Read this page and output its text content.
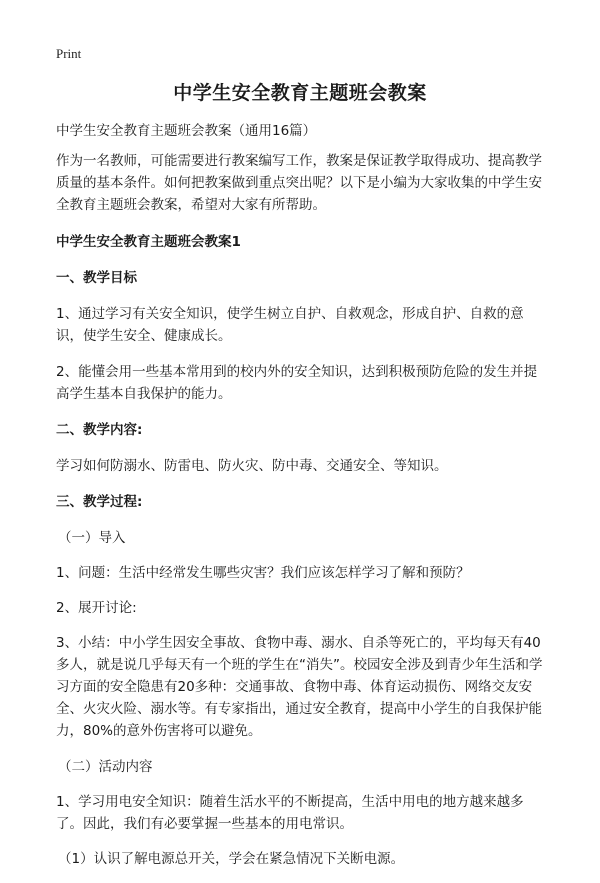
Print
中学生安全教育主题班会教案

中学生安全教育主题班会教案（通用16篇）

作为一名教师，可能需要进行教案编写工作，教案是保证教学取得成功、提高教学质量的基本条件。如何把教案做到重点突出呢？以下是小编为大家收集的中学生安全教育主题班会教案，希望对大家有所帮助。

中学生安全教育主题班会教案1

一、教学目标

1、通过学习有关安全知识，使学生树立自护、自救观念，形成自护、自救的意识，使学生安全、健康成长。

2、能懂会用一些基本常用到的校内外的安全知识，达到积极预防危险的发生并提高学生基本自我保护的能力。

二、教学内容:

学习如何防溺水、防雷电、防火灾、防中毒、交通安全、等知识。

三、教学过程:

（一）导入

1、问题：生活中经常发生哪些灾害？我们应该怎样学习了解和预防？

2、展开讨论:

3、小结：中小学生因安全事故、食物中毒、溺水、自杀等死亡的，平均每天有40多人，就是说几乎每天有一个班的学生在“消失”。校园安全涉及到青少年生活和学习方面的安全隐患有20多种：交通事故、食物中毒、体育运动损伤、网络交友安全、火灾火险、溺水等。有专家指出，通过安全教育，提高中小学生的自我保护能力，80%的意外伤害将可以避免。

（二）活动内容

1、学习用电安全知识：随着生活水平的不断提高，生活中用电的地方越来越多了。因此，我们有必要掌握一些基本的用电常识。

（1）认识了解电源总开关，学会在紧急情况下关断电源。
